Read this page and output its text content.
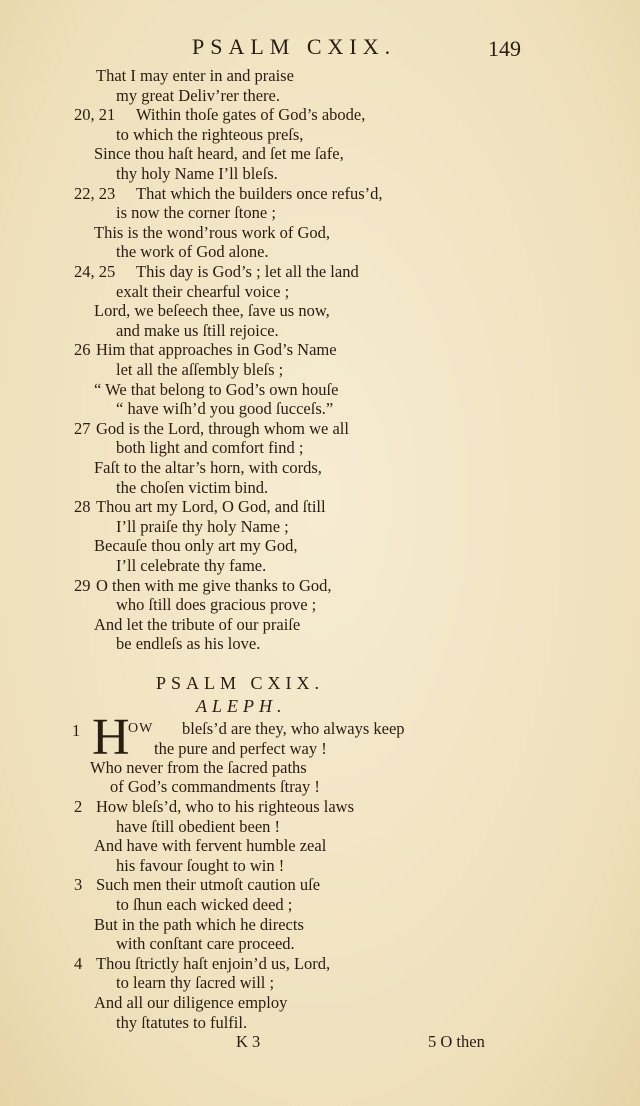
PSALM CXIX.	149
That I may enter in and praise
my great Deliv’rer there.
20, 21 Within thoſe gates of God’s abode,
to which the righteous preſs,
Since thou haſt heard, and ſet me ſafe,
thy holy Name I’ll bleſs.
22, 23 That which the builders once refus’d,
is now the corner ſtone ;
This is the wond’rous work of God,
the work of God alone.
24, 25 This day is God’s ; let all the land
exalt their chearful voice ;
Lord, we beſeech thee, ſave us now,
and make us ſtill rejoice.
26 Him that approaches in God’s Name
let all the aſſembly bleſs ;
“ We that belong to God’s own houſe
“ have wiſh’d you good ſucceſs.”
27 God is the Lord, through whom we all
both light and comfort find ;
Faſt to the altar’s horn, with cords,
the choſen victim bind.
28 Thou art my Lord, O God, and ſtill
I’ll praiſe thy holy Name ;
Becauſe thou only art my God,
I’ll celebrate thy fame.
29 O then with me give thanks to God,
who ſtill does gracious prove ;
And let the tribute of our praiſe
be endleſs as his love.
PSALM CXIX.
ALEPH.
1 H
OW bleſs’d are they, who always keep
the pure and perfect way !
Who never from the ſacred paths
of God’s commandments ſtray !
2 How bleſs’d, who to his righteous laws
have ſtill obedient been !
And have with fervent humble zeal
his favour ſought to win !
3 Such men their utmoſt caution uſe
to ſhun each wicked deed ;
But in the path which he directs
with conſtant care proceed.
4 Thou ſtrictly haſt enjoin’d us, Lord,
to learn thy ſacred will ;
And all our diligence employ
thy ſtatutes to fulfil.
K 3	5 O then
